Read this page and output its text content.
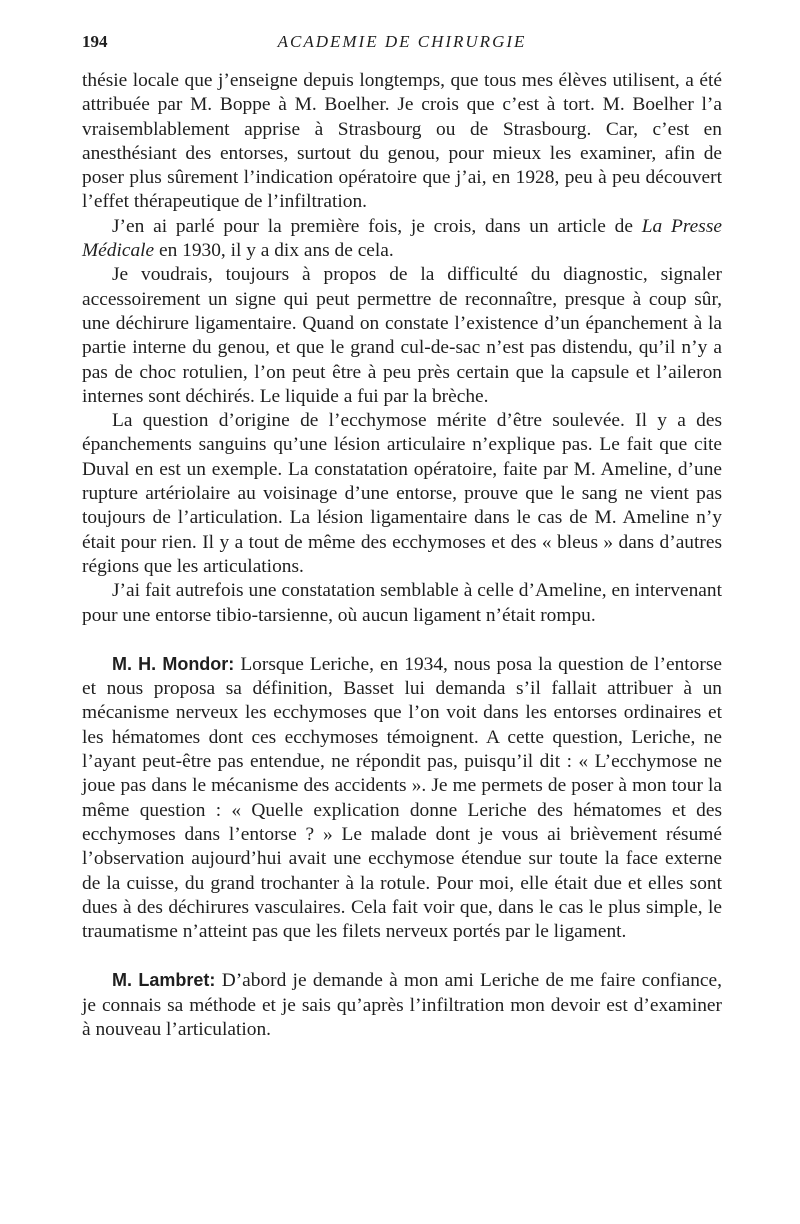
194	ACADEMIE DE CHIRURGIE

thésie locale que j’enseigne depuis longtemps, que tous mes élèves utilisent, a été attribuée par M. Boppe à M. Boelher. Je crois que c’est à tort. M. Boelher l’a vraisemblablement apprise à Strasbourg ou de Strasbourg. Car, c’est en anesthésiant des entorses, surtout du genou, pour mieux les examiner, afin de poser plus sûrement l’indication opératoire que j’ai, en 1928, peu à peu découvert l’effet thérapeutique de l’infiltration.

J’en ai parlé pour la première fois, je crois, dans un article de La Presse Médicale en 1930, il y a dix ans de cela.

Je voudrais, toujours à propos de la difficulté du diagnostic, signaler accessoirement un signe qui peut permettre de reconnaître, presque à coup sûr, une déchirure ligamentaire. Quand on constate l’existence d’un épanchement à la partie interne du genou, et que le grand cul-de-sac n’est pas distendu, qu’il n’y a pas de choc rotulien, l’on peut être à peu près certain que la capsule et l’aileron internes sont déchirés. Le liquide a fui par la brèche.

La question d’origine de l’ecchymose mérite d’être soulevée. Il y a des épanchements sanguins qu’une lésion articulaire n’explique pas. Le fait que cite Duval en est un exemple. La constatation opératoire, faite par M. Ameline, d’une rupture artériolaire au voisinage d’une entorse, prouve que le sang ne vient pas toujours de l’articulation. La lésion ligamentaire dans le cas de M. Ameline n’y était pour rien. Il y a tout de même des ecchymoses et des « bleus » dans d’autres régions que les articulations.

J’ai fait autrefois une constatation semblable à celle d’Ameline, en intervenant pour une entorse tibio-tarsienne, où aucun ligament n’était rompu.

M. H. Mondor: Lorsque Leriche, en 1934, nous posa la question de l’entorse et nous proposa sa définition, Basset lui demanda s’il fallait attribuer à un mécanisme nerveux les ecchymoses que l’on voit dans les entorses ordinaires et les hématomes dont ces ecchymoses témoignent. A cette question, Leriche, ne l’ayant peut-être pas entendue, ne répondit pas, puisqu’il dit : « L’ecchymose ne joue pas dans le mécanisme des accidents ». Je me permets de poser à mon tour la même question : « Quelle explication donne Leriche des hématomes et des ecchymoses dans l’entorse ? » Le malade dont je vous ai brièvement résumé l’observation aujourd’hui avait une ecchymose étendue sur toute la face externe de la cuisse, du grand trochanter à la rotule. Pour moi, elle était due et elles sont dues à des déchirures vasculaires. Cela fait voir que, dans le cas le plus simple, le traumatisme n’atteint pas que les filets nerveux portés par le ligament.

M. Lambret: D’abord je demande à mon ami Leriche de me faire confiance, je connais sa méthode et je sais qu’après l’infiltration mon devoir est d’examiner à nouveau l’articulation.
